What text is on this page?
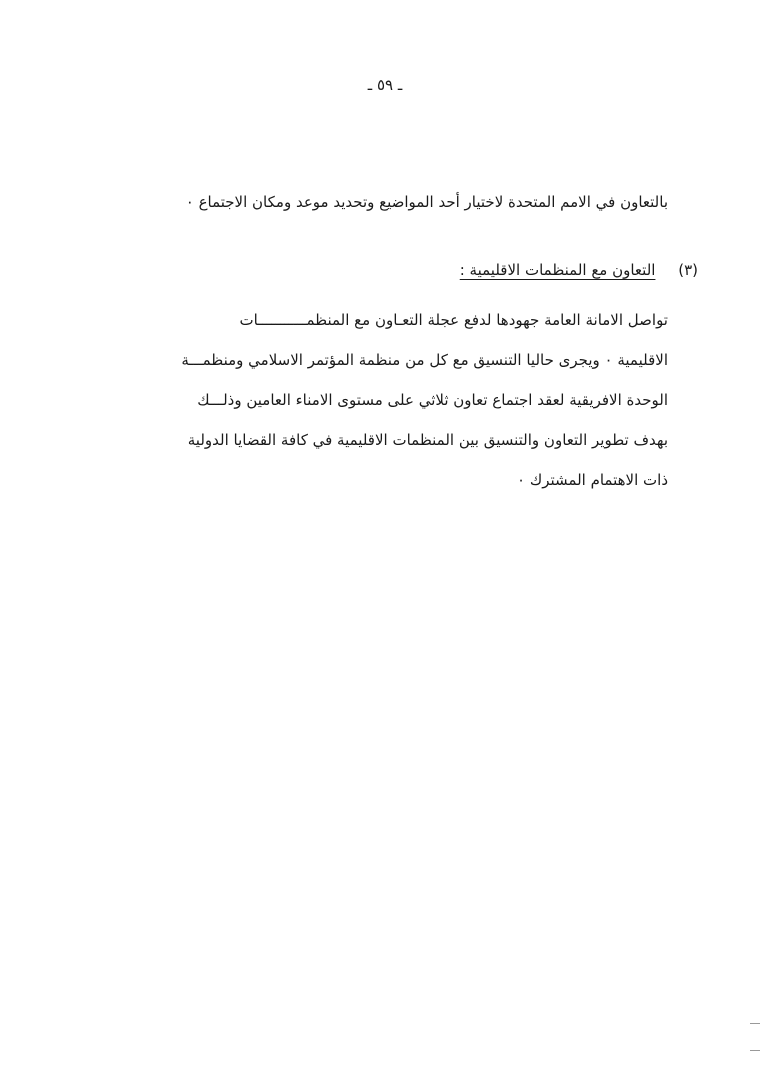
ـ ٥٩ ـ
بالتعاون في الامم المتحدة لاختيار أحد المواضيع وتحديد موعد ومكان الاجتماع ٠
(٣) التعاون مع المنظمات الاقليمية :
تواصل الامانة العامة جهودها لدفع عجلة التعـاون مع المنظمـــــــــــات
الاقليمية ٠ ويجرى حاليا التنسيق مع كل من منظمة المؤتمر الاسلامي ومنظمـــة
الوحدة الافريقية لعقد اجتماع تعاون ثلاثي على مستوى الامناء العامين وذلـــك
بهدف تطوير التعاون والتنسيق بين المنظمات الاقليمية في كافة القضايا الدولية
ذات الاهتمام المشترك ٠
